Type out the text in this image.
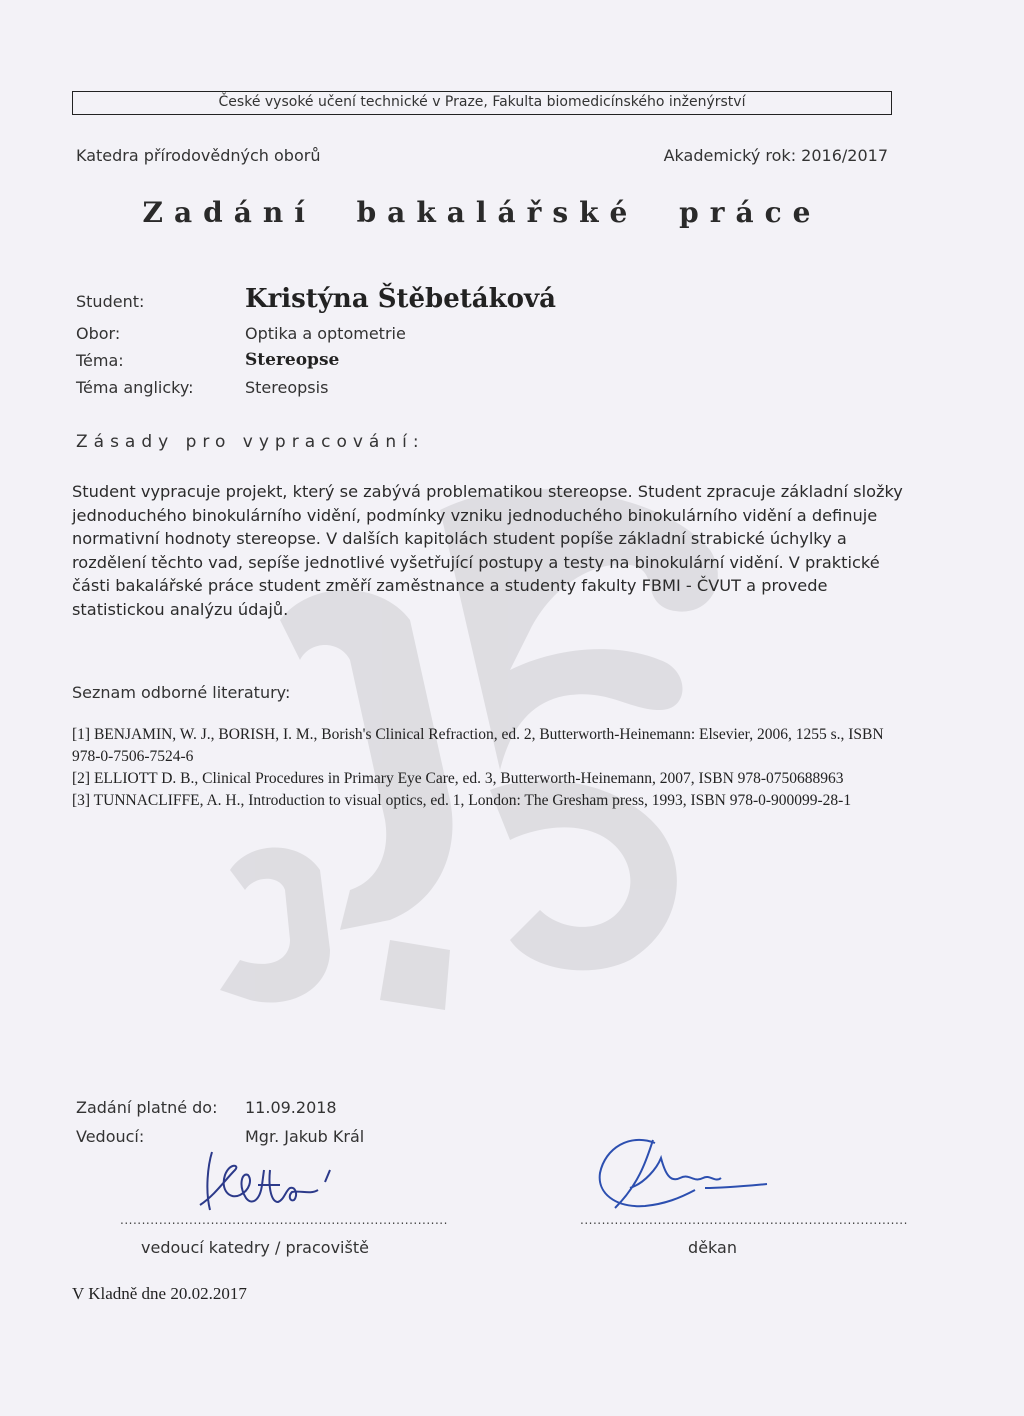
České vysoké učení technické v Praze, Fakulta biomedicínského inženýrství
Katedra přírodovědných oborů	Akademický rok: 2016/2017
Zadání bakalářské práce
Student:	Kristýna Štěbetáková
Obor:	Optika a optometrie
Téma:	Stereopse
Téma anglicky:	Stereopsis
Zásady pro vypracování:
Student vypracuje projekt, který se zabývá problematikou stereopse. Student zpracuje základní složky jednoduchého binokulárního vidění, podmínky vzniku jednoduchého binokulárního vidění a definuje normativní hodnoty stereopse. V dalších kapitolách student popíše základní strabické úchylky a rozdělení těchto vad, sepíše jednotlivé vyšetřující postupy a testy na binokulární vidění. V praktické části bakalářské práce student změří zaměstnance a studenty fakulty FBMI - ČVUT a provede statistickou analýzu údajů.
Seznam odborné literatury:

[1] BENJAMIN, W. J., BORISH, I. M., Borish's Clinical Refraction, ed. 2, Butterworth-Heinemann: Elsevier, 2006, 1255 s., ISBN 978-0-7506-7524-6

[2] ELLIOTT D. B., Clinical Procedures in Primary Eye Care, ed. 3, Butterworth-Heinemann, 2007, ISBN 978-0750688963

[3] TUNNACLIFFE, A. H., Introduction to visual optics, ed. 1, London: The Gresham press, 1993, ISBN 978-0-900099-28-1

Zadání platné do: 11.09.2018
Vedoucí:	Mgr. Jakub Král
............................................................................
vedoucí katedry / pracoviště
............................................................................
děkan
V Kladně dne 20.02.2017
